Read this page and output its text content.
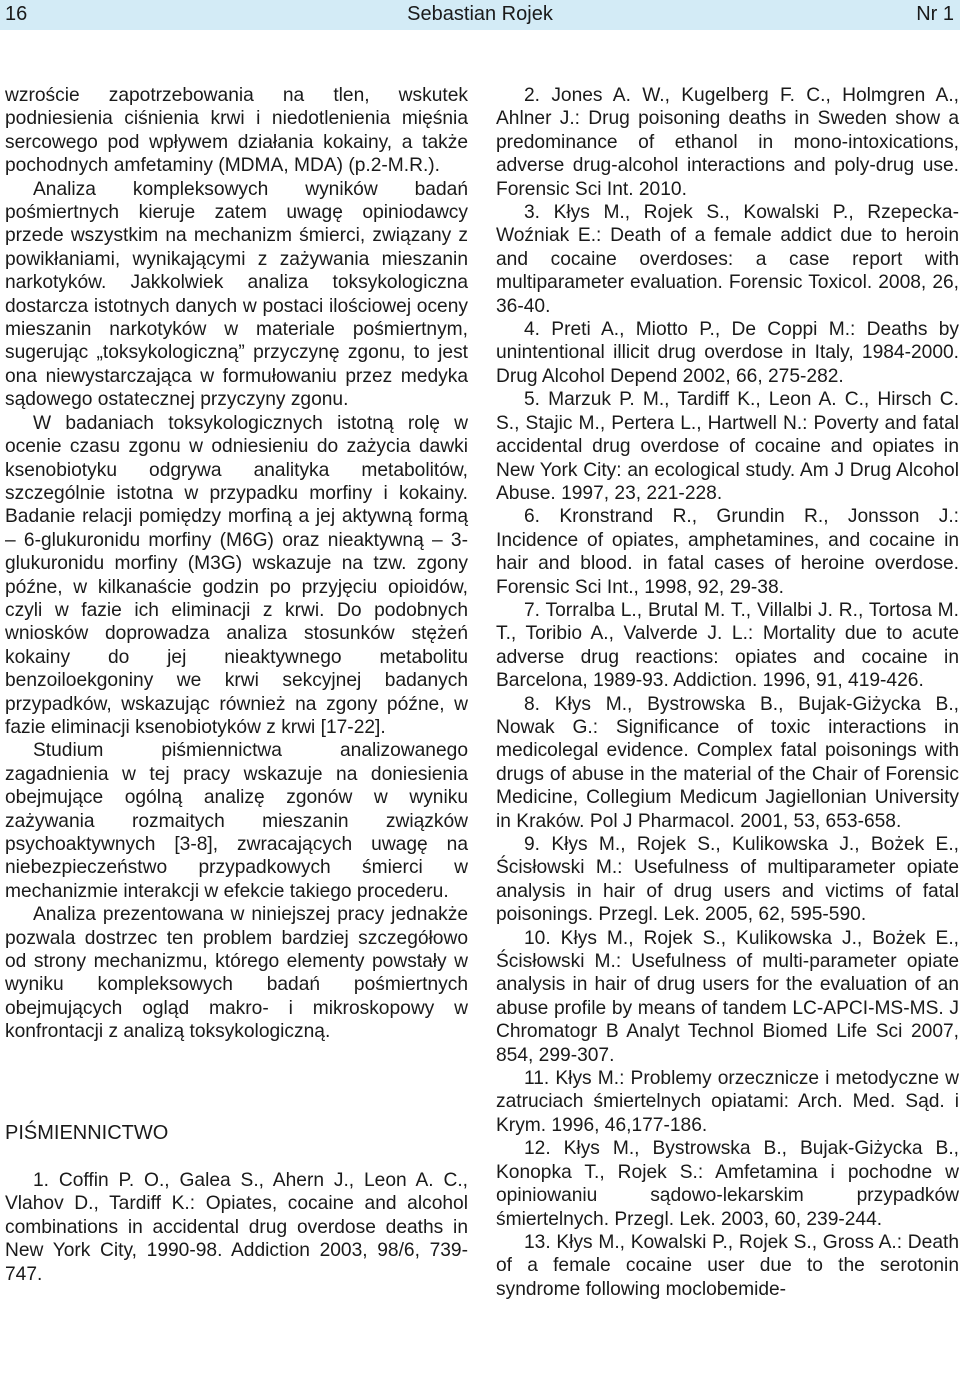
Sebastian Rojek
16	Nr 1

wzroście zapotrzebowania na tlen, wskutek podniesienia ciśnienia krwi i niedotlenienia mięśnia sercowego pod wpływem działania kokainy, a także pochodnych amfetaminy (MDMA, MDA) (p.2-M.R.).

Analiza kompleksowych wyników badań pośmiertnych kieruje zatem uwagę opiniodawcy przede wszystkim na mechanizm śmierci, związany z powikłaniami, wynikającymi z zażywania mieszanin narkotyków. Jakkolwiek analiza toksykologiczna dostarcza istotnych danych w postaci ilościowej oceny mieszanin narkotyków w materiale pośmiertnym, sugerując „toksykologiczną” przyczynę zgonu, to jest ona niewystarczająca w formułowaniu przez medyka sądowego ostatecznej przyczyny zgonu.

W badaniach toksykologicznych istotną rolę w ocenie czasu zgonu w odniesieniu do zażycia dawki ksenobiotyku odgrywa analityka metabolitów, szczególnie istotna w przypadku morfiny i kokainy. Badanie relacji pomiędzy morfiną a jej aktywną formą – 6-glukuronidu morfiny (M6G) oraz nieaktywną – 3-glukuronidu morfiny (M3G) wskazuje na tzw. zgony późne, w kilkanaście godzin po przyjęciu opioidów, czyli w fazie ich eliminacji z krwi. Do podobnych wniosków doprowadza analiza stosunków stężeń kokainy do jej nieaktywnego metabolitu benzoiloekgoniny we krwi sekcyjnej badanych przypadków, wskazując również na zgony późne, w fazie eliminacji ksenobiotyków z krwi [17-22].

Studium piśmiennictwa analizowanego zagadnienia w tej pracy wskazuje na doniesienia obejmujące ogólną analizę zgonów w wyniku zażywania rozmaitych mieszanin związków psychoaktywnych [3-8], zwracających uwagę na niebezpieczeństwo przypadkowych śmierci w mechanizmie interakcji w efekcie takiego procederu.

Analiza prezentowana w niniejszej pracy jednakże pozwala dostrzec ten problem bardziej szczegółowo od strony mechanizmu, którego elementy powstały w wyniku kompleksowych badań pośmiertnych obejmujących ogląd makro- i mikroskopowy w konfrontacji z analizą toksykologiczną.

PIŚMIENNICTWO

1. Coffin P. O., Galea S., Ahern J., Leon A. C., Vlahov D., Tardiff K.: Opiates, cocaine and alcohol combinations in accidental drug overdose deaths in New York City, 1990-98. Addiction 2003, 98/6, 739-747.

2. Jones A. W., Kugelberg F. C., Holmgren A., Ahlner J.: Drug poisoning deaths in Sweden show a predominance of ethanol in mono-intoxications, adverse drug-alcohol interactions and poly-drug use. Forensic Sci Int. 2010.

3. Kłys M., Rojek S., Kowalski P., Rzepecka-Woźniak E.: Death of a female addict due to heroin and cocaine overdoses: a case report with multiparameter evaluation. Forensic Toxicol. 2008, 26, 36-40.

4. Preti A., Miotto P., De Coppi M.: Deaths by unintentional illicit drug overdose in Italy, 1984-2000. Drug Alcohol Depend 2002, 66, 275-282.

5. Marzuk P. M., Tardiff K., Leon A. C., Hirsch C. S., Stajic M., Pertera L., Hartwell N.: Poverty and fatal accidental drug overdose of cocaine and opiates in New York City: an ecological study. Am J Drug Alcohol Abuse. 1997, 23, 221-228.

6. Kronstrand R., Grundin R., Jonsson J.: Incidence of opiates, amphetamines, and cocaine in hair and blood. in fatal cases of heroine overdose. Forensic Sci Int., 1998, 92, 29-38.

7. Torralba L., Brutal M. T., Villalbi J. R., Tortosa M. T., Toribio A., Valverde J. L.: Mortality due to acute adverse drug reactions: opiates and cocaine in Barcelona, 1989-93. Addiction. 1996, 91, 419-426.

8. Kłys M., Bystrowska B., Bujak-Giżycka B., Nowak G.: Significance of toxic interactions in medicolegal evidence. Complex fatal poisonings with drugs of abuse in the material of the Chair of Forensic Medicine, Collegium Medicum Jagiellonian University in Kraków. Pol J Pharmacol. 2001, 53, 653-658.

9. Kłys M., Rojek S., Kulikowska J., Bożek E., Ścisłowski M.: Usefulness of multiparameter opiate analysis in hair of drug users and victims of fatal poisonings. Przegl. Lek. 2005, 62, 595-590.

10. Kłys M., Rojek S., Kulikowska J., Bożek E., Ścisłowski M.: Usefulness of multi-parameter opiate analysis in hair of drug users for the evaluation of an abuse profile by means of tandem LC-APCI-MS-MS. J Chromatogr B Analyt Technol Biomed Life Sci 2007, 854, 299-307.

11. Kłys M.: Problemy orzecznicze i metodyczne w zatruciach śmiertelnych opiatami: Arch. Med. Sąd. i Krym. 1996, 46,177-186.

12. Kłys M., Bystrowska B., Bujak-Giżycka B., Konopka T., Rojek S.: Amfetamina i pochodne w opiniowaniu sądowo-lekarskim przypadków śmiertelnych. Przegl. Lek. 2003, 60, 239-244.

13. Kłys M., Kowalski P., Rojek S., Gross A.: Death of a female cocaine user due to the serotonin syndrome following moclobemide-
